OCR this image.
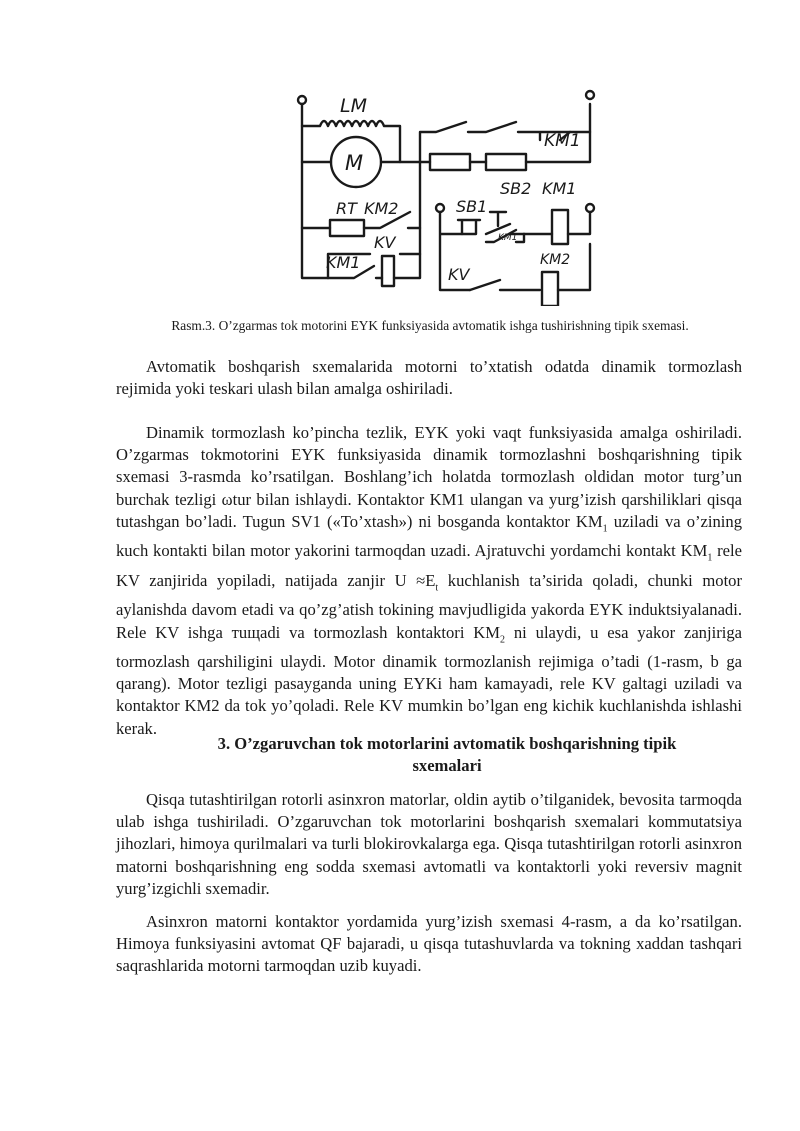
LM
M
KM1
RT KM2
KV
KM1
SB1
SB2 KM1
KM1
KV
KM2
Rasm.3. O’zgarmas tok motorini EYK funksiyasida avtomatik ishga tushirishning tipik sxemasi.

Avtomatik boshqarish sxemalarida motorni to’xtatish odatda dinamik tormozlash rejimida yoki teskari ulash bilan amalga oshiriladi.

Dinamik tormozlash ko’pincha tezlik, EYK yoki vaqt funksiyasida amalga oshiriladi. O’zgarmas tokmotorini EYK funksiyasida dinamik tormozlashni boshqarishning tipik sxemasi 3-rasmda ko’rsatilgan. Boshlang’ich holatda tormozlash oldidan motor turg’un burchak tezligi ωtur bilan ishlaydi. Kontaktor KM1 ulangan va yurg’izish qarshiliklari qisqa tutashgan bo’ladi. Tugun SV1 («To’xtash») ni bosganda kontaktor $KM_1$ uziladi va o’zining kuch kontakti bilan motor yakorini tarmoqdan uzadi. Ajratuvchi yordamchi kontakt $KM_1$ rele KV zanjirida yopiladi, natijada zanjir $U \approx E_t$ kuchlanish ta’sirida qoladi, chunki motor aylanishda davom etadi va qo’zg’atish tokining mavjudligida yakorda EYK induktsiyalanadi. Rele KV ishga тuщadi va tormozlash kontaktori $KM_2$ ni ulaydi, u esa yakor zanjiriga tormozlash qarshiligini ulaydi. Motor dinamik tormozlanish rejimiga o’tadi (1-rasm, b ga qarang). Motor tezligi pasayganda uning EYKi ham kamayadi, rele KV galtagi uziladi va kontaktor KM2 da tok yo’qoladi. Rele KV mumkin bo’lgan eng kichik kuchlanishda ishlashi kerak.

3. O’zgaruvchan tok motorlarini avtomatik boshqarishning tipik

sxemalari

Qisqa tutashtirilgan rotorli asinxron matorlar, oldin aytib o’tilganidek, bevosita tarmoqda ulab ishga tushiriladi. O’zgaruvchan tok motorlarini boshqarish sxemalari kommutatsiya jihozlari, himoya qurilmalari va turli blokirovkalarga ega. Qisqa tutashtirilgan rotorli asinxron matorni boshqarishning eng sodda sxemasi avtomatli va kontaktorli yoki reversiv magnit yurg’izgichli sxemadir.

Asinxron matorni kontaktor yordamida yurg’izish sxemasi 4-rasm, a da ko’rsatilgan. Himoya funksiyasini avtomat QF bajaradi, u qisqa tutashuvlarda va tokning xaddan tashqari saqrashlarida motorni tarmoqdan uzib kuyadi.
